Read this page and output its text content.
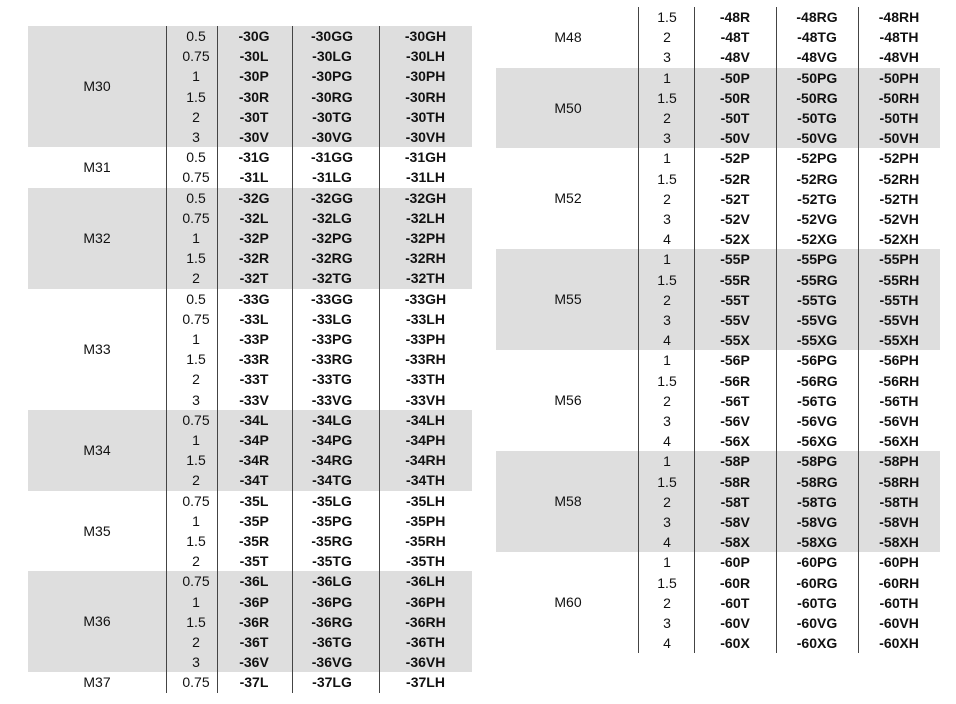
M30
0.5	-30G	-30GG	-30GH
0.75	-30L	-30LG	-30LH
1	-30P	-30PG	-30PH
1.5	-30R	-30RG	-30RH
2	-30T	-30TG	-30TH
3	-30V	-30VG	-30VH
M31
0.5	-31G	-31GG	-31GH
0.75	-31L	-31LG	-31LH
M32
0.5	-32G	-32GG	-32GH
0.75	-32L	-32LG	-32LH
1	-32P	-32PG	-32PH
1.5	-32R	-32RG	-32RH
2	-32T	-32TG	-32TH
M33
0.5	-33G	-33GG	-33GH
0.75	-33L	-33LG	-33LH
1	-33P	-33PG	-33PH
1.5	-33R	-33RG	-33RH
2	-33T	-33TG	-33TH
3	-33V	-33VG	-33VH
M34
0.75	-34L	-34LG	-34LH
1	-34P	-34PG	-34PH
1.5	-34R	-34RG	-34RH
2	-34T	-34TG	-34TH
M35
0.75	-35L	-35LG	-35LH
1	-35P	-35PG	-35PH
1.5	-35R	-35RG	-35RH
2	-35T	-35TG	-35TH
M36
0.75	-36L	-36LG	-36LH
1	-36P	-36PG	-36PH
1.5	-36R	-36RG	-36RH
2	-36T	-36TG	-36TH
3	-36V	-36VG	-36VH
M37	0.75	-37L	-37LG	-37LH
M48
1.5	-48R	-48RG	-48RH
2	-48T	-48TG	-48TH
3	-48V	-48VG	-48VH
M50
1	-50P	-50PG	-50PH
1.5	-50R	-50RG	-50RH
2	-50T	-50TG	-50TH
3	-50V	-50VG	-50VH
M52
1	-52P	-52PG	-52PH
1.5	-52R	-52RG	-52RH
2	-52T	-52TG	-52TH
3	-52V	-52VG	-52VH
4	-52X	-52XG	-52XH
M55
1	-55P	-55PG	-55PH
1.5	-55R	-55RG	-55RH
2	-55T	-55TG	-55TH
3	-55V	-55VG	-55VH
4	-55X	-55XG	-55XH
M56
1	-56P	-56PG	-56PH
1.5	-56R	-56RG	-56RH
2	-56T	-56TG	-56TH
3	-56V	-56VG	-56VH
4	-56X	-56XG	-56XH
M58
1	-58P	-58PG	-58PH
1.5	-58R	-58RG	-58RH
2	-58T	-58TG	-58TH
3	-58V	-58VG	-58VH
4	-58X	-58XG	-58XH
M60
1	-60P	-60PG	-60PH
1.5	-60R	-60RG	-60RH
2	-60T	-60TG	-60TH
3	-60V	-60VG	-60VH
4	-60X	-60XG	-60XH
